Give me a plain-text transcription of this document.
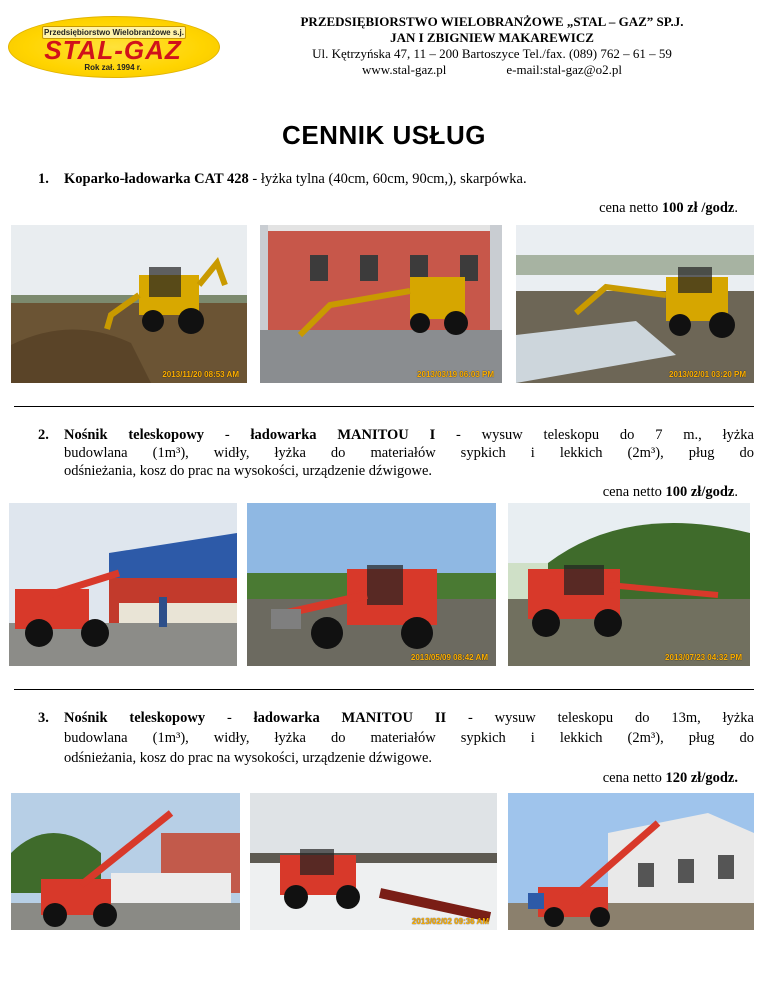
Przedsiębiorstwo Wielobranżowe s.j.
STAL-GAZ
Rok zał. 1994 r.
PRZEDSIĘBIORSTWO WIELOBRANŻOWE „STAL – GAZ” SP.J.
JAN I ZBIGNIEW MAKAREWICZ
Ul. Kętrzyńska 47, 11 – 200 Bartoszyce Tel./fax. (089) 762 – 61 – 59
www.stal-gaz.pl	e-mail:stal-gaz@o2.pl
CENNIK USŁUG
1. Koparko-ładowarka CAT 428 - łyżka tylna (40cm, 60cm, 90cm,), skarpówka.
cena netto 100 zł /godz.
2013/11/20 08:53 AM	2013/03/19 06:03 PM	2013/02/01 03:20 PM
2. Nośnik teleskopowy - ładowarka MANITOU I - wysuw teleskopu do 7 m., łyżka
budowlana (1m³), widły, łyżka do materiałów sypkich i lekkich (2m³), pług do
odśnieżania, kosz do prac na wysokości, urządzenie dźwigowe.
cena netto 100 zł/godz.
2013/05/09 08:42 AM	2013/07/23 04:32 PM
3. Nośnik teleskopowy - ładowarka MANITOU II - wysuw teleskopu do 13m, łyżka
budowlana (1m³), widły, łyżka do materiałów sypkich i lekkich (2m³), pług do
odśnieżania, kosz do prac na wysokości, urządzenie dźwigowe.
cena netto 120 zł/godz.
2013/02/02 09:36 AM
